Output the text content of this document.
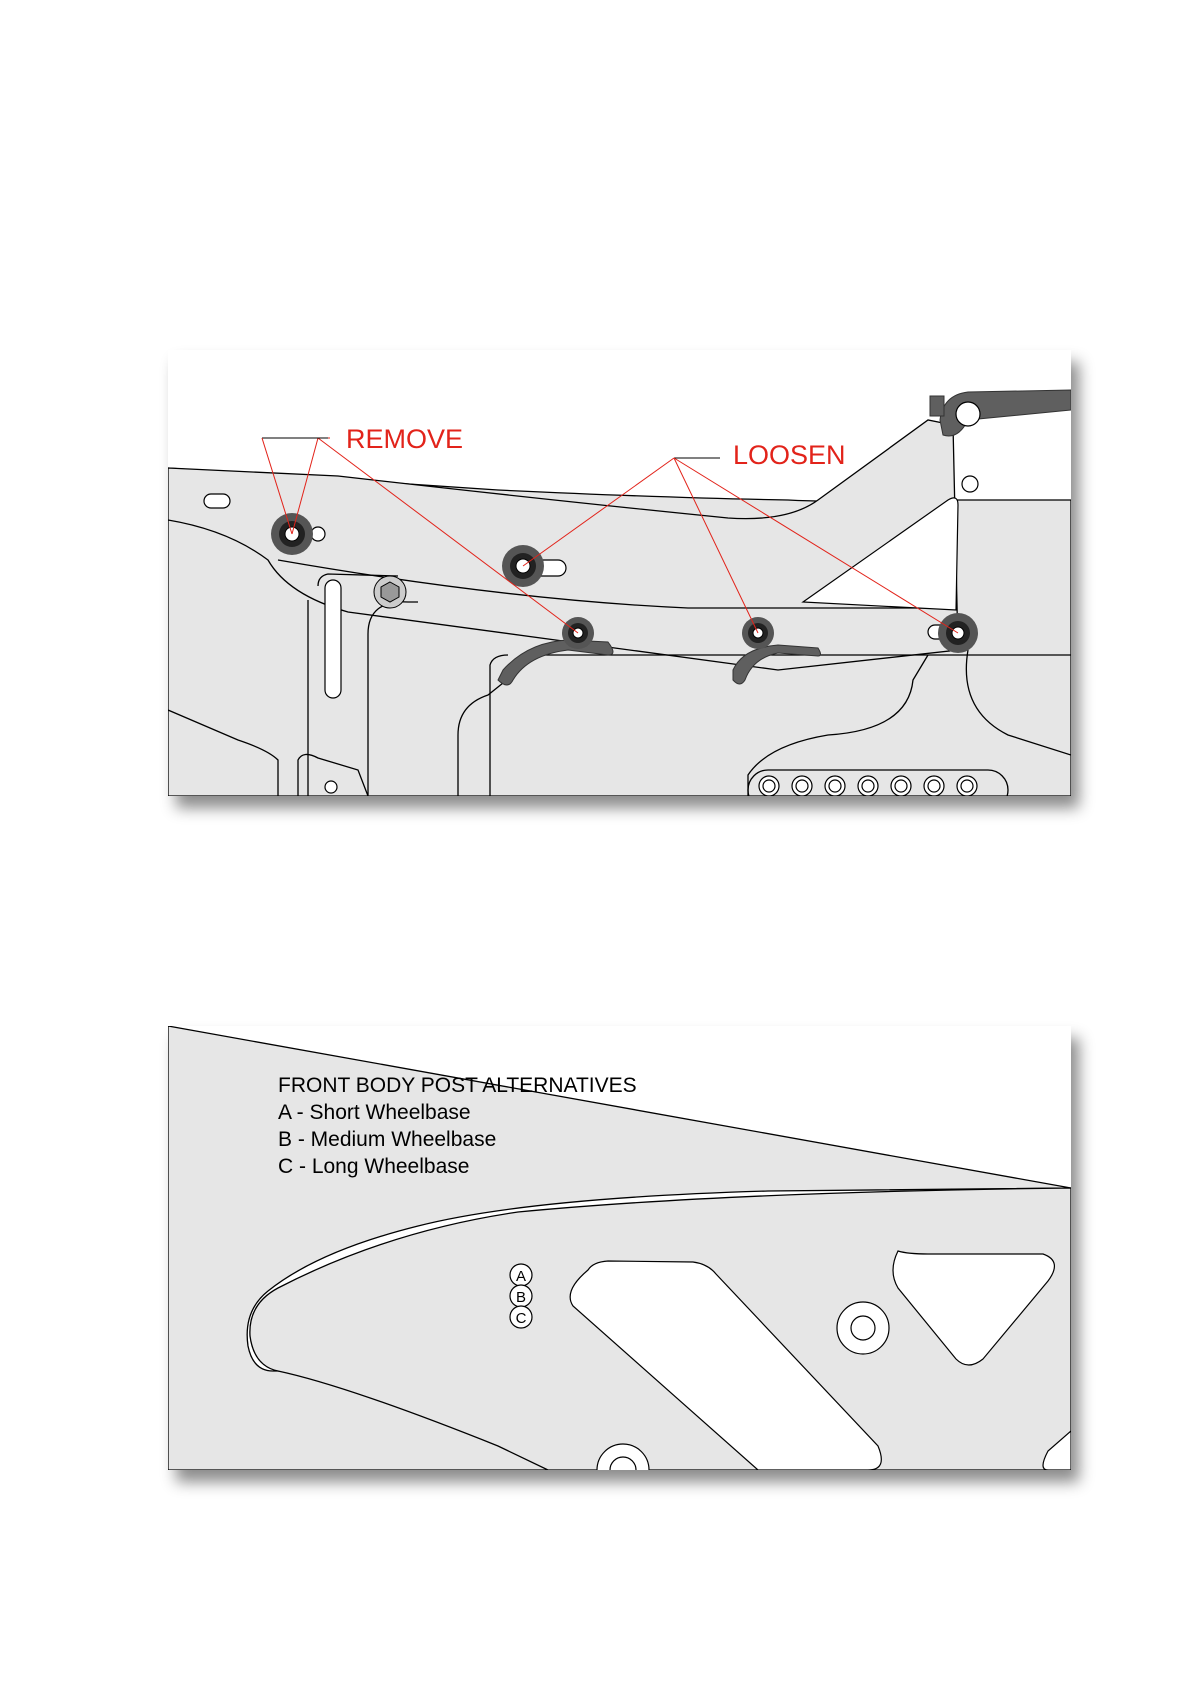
REMOVE
LOOSEN
A
B
C
FRONT BODY POST ALTERNATIVES
A - Short Wheelbase
B - Medium Wheelbase
C - Long Wheelbase
